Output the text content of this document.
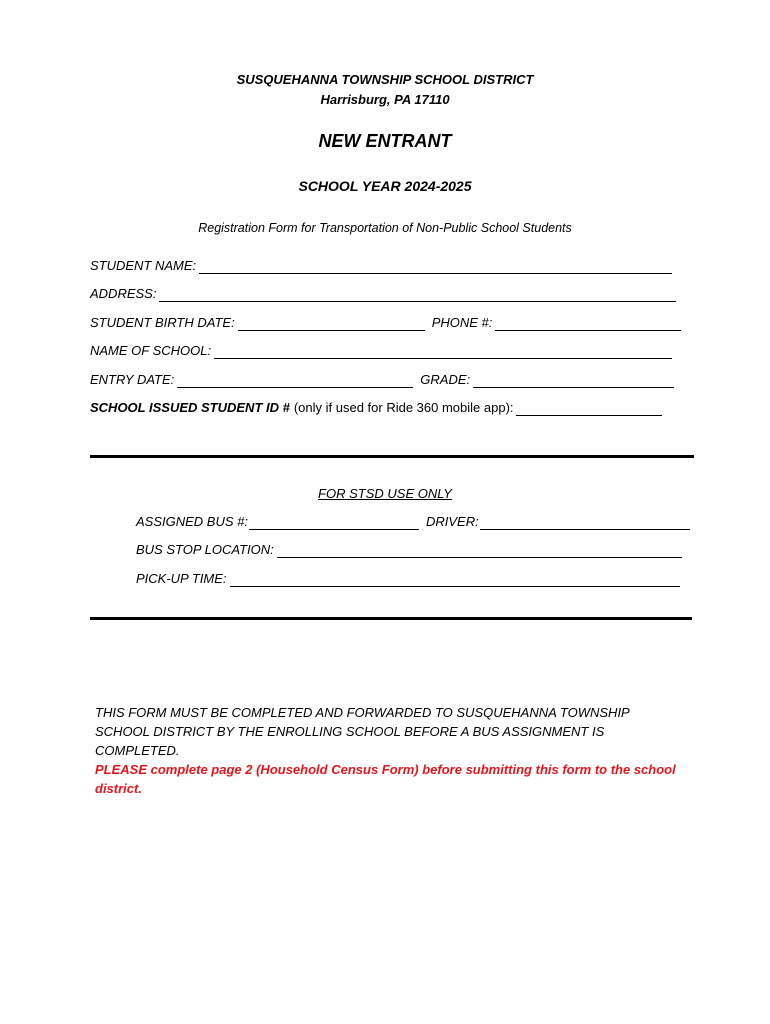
SUSQUEHANNA TOWNSHIP SCHOOL DISTRICT
Harrisburg, PA 17110
NEW ENTRANT
SCHOOL YEAR 2024-2025
Registration Form for Transportation of Non-Public School Students
STUDENT NAME:
ADDRESS:
STUDENT BIRTH DATE:	PHONE #:
NAME OF SCHOOL:
ENTRY DATE:	GRADE:
SCHOOL ISSUED STUDENT ID # (only if used for Ride 360 mobile app):
FOR STSD USE ONLY
ASSIGNED BUS #:	DRIVER:
BUS STOP LOCATION:
PICK-UP TIME:
THIS FORM MUST BE COMPLETED AND FORWARDED TO SUSQUEHANNA TOWNSHIP SCHOOL DISTRICT BY THE ENROLLING SCHOOL BEFORE A BUS ASSIGNMENT IS COMPLETED.
PLEASE complete page 2 (Household Census Form) before submitting this form to the school district.
